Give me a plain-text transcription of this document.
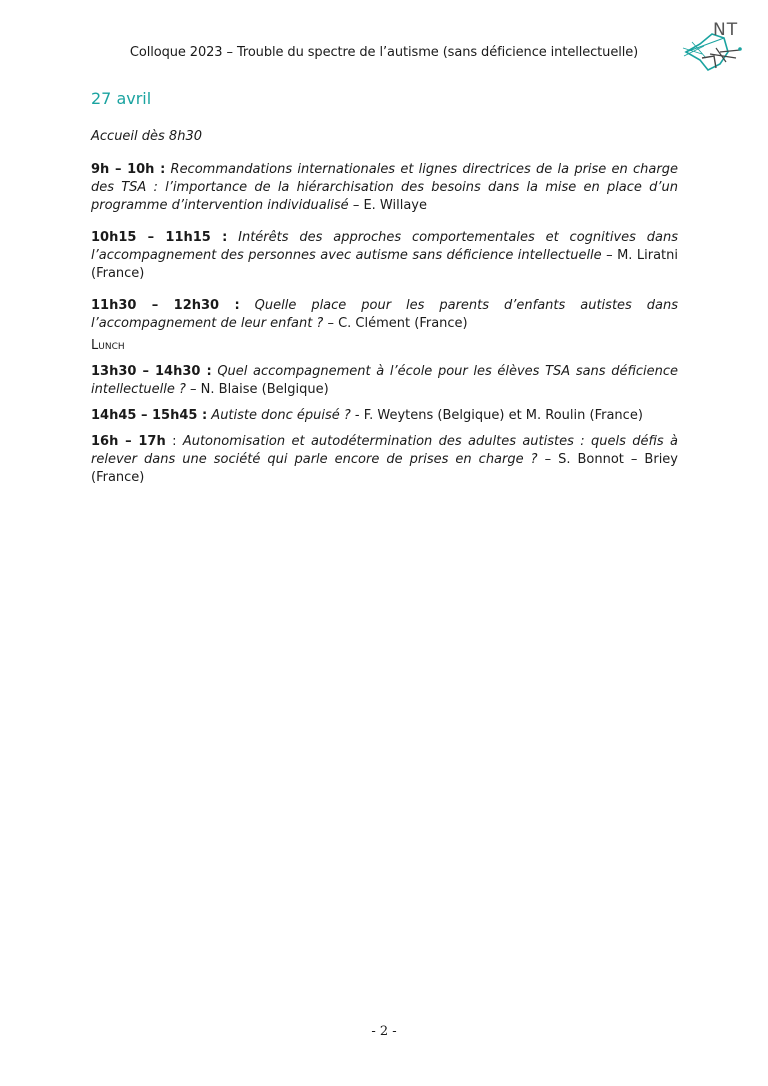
Colloque 2023 – Trouble du spectre de l’autisme (sans déficience intellectuelle)
NT
27 avril

Accueil dès 8h30

9h – 10h : Recommandations internationales et lignes directrices de la prise en charge des TSA : l’importance de la hiérarchisation des besoins dans la mise en place d’un programme d’intervention individualisé – E. Willaye

10h15 – 11h15 : Intérêts des approches comportementales et cognitives dans l’accompagnement des personnes avec autisme sans déficience intellectuelle – M. Liratni (France)

11h30 – 12h30 : Quelle place pour les parents d’enfants autistes dans l’accompagnement de leur enfant ? – C. Clément (France)

Lunch

13h30 – 14h30 : Quel accompagnement à l’école pour les élèves TSA sans déficience intellectuelle ? – N. Blaise (Belgique)

14h45 – 15h45 : Autiste donc épuisé ? - F. Weytens (Belgique) et M. Roulin (France)

16h – 17h : Autonomisation et autodétermination des adultes autistes : quels défis à relever dans une société qui parle encore de prises en charge ? – S. Bonnot – Briey (France)

- 2 -
